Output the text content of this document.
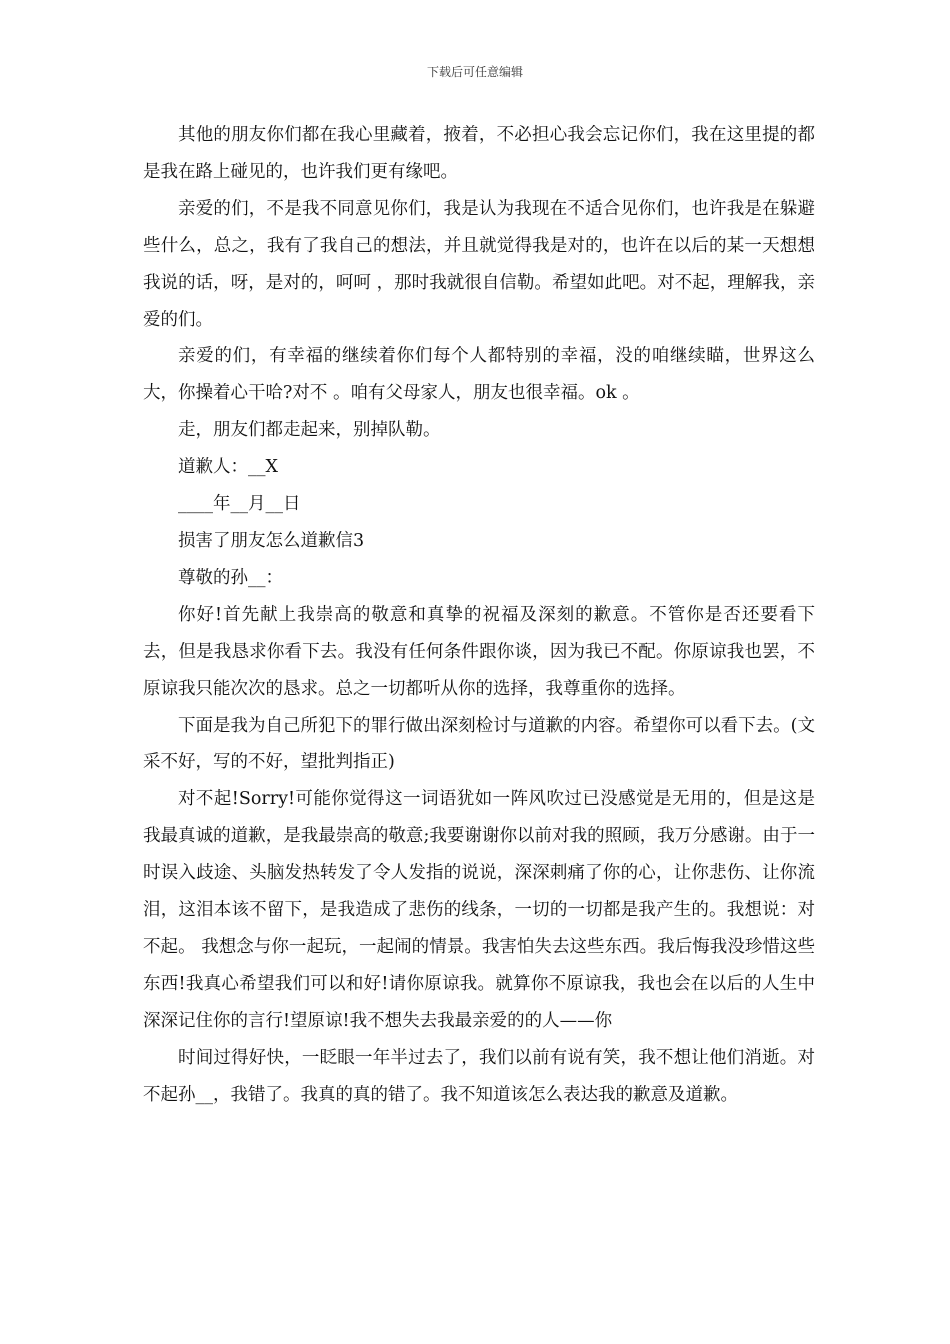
下载后可任意编辑

其他的朋友你们都在我心里藏着，掖着，不必担心我会忘记你们，我在这里提的都是我在路上碰见的，也许我们更有缘吧。

亲爱的们，不是我不同意见你们，我是认为我现在不适合见你们，也许我是在躲避些什么，总之，我有了我自己的想法，并且就觉得我是对的，也许在以后的某一天想想我说的话，呀，是对的，呵呵 ，那时我就很自信勒。希望如此吧。对不起，理解我，亲爱的们。

亲爱的们，有幸福的继续着你们每个人都特别的幸福，没的咱继续瞄，世界这么大，你操着心干哈?对不 。咱有父母家人，朋友也很幸福。ok 。

走，朋友们都走起来，别掉队勒。

道歉人：__X

____年__月__日

损害了朋友怎么道歉信3

尊敬的孙__：

你好!首先献上我崇高的敬意和真挚的祝福及深刻的歉意。不管你是否还要看下去，但是我恳求你看下去。我没有任何条件跟你谈，因为我已不配。你原谅我也罢，不原谅我只能次次的恳求。总之一切都听从你的选择，我尊重你的选择。

下面是我为自己所犯下的罪行做出深刻检讨与道歉的内容。希望你可以看下去。(文采不好，写的不好，望批判指正)

对不起!Sorry!可能你觉得这一词语犹如一阵风吹过已没感觉是无用的，但是这是我最真诚的道歉，是我最崇高的敬意;我要谢谢你以前对我的照顾，我万分感谢。由于一时误入歧途、头脑发热转发了令人发指的说说，深深刺痛了你的心，让你悲伤、让你流泪，这泪本该不留下，是我造成了悲伤的线条，一切的一切都是我产生的。我想说：对不起。 我想念与你一起玩，一起闹的情景。我害怕失去这些东西。我后悔我没珍惜这些东西!我真心希望我们可以和好!请你原谅我。就算你不原谅我，我也会在以后的人生中深深记住你的言行!望原谅!我不想失去我最亲爱的的人——你

时间过得好快，一眨眼一年半过去了，我们以前有说有笑，我不想让他们消逝。对不起孙__，我错了。我真的真的错了。我不知道该怎么表达我的歉意及道歉。
